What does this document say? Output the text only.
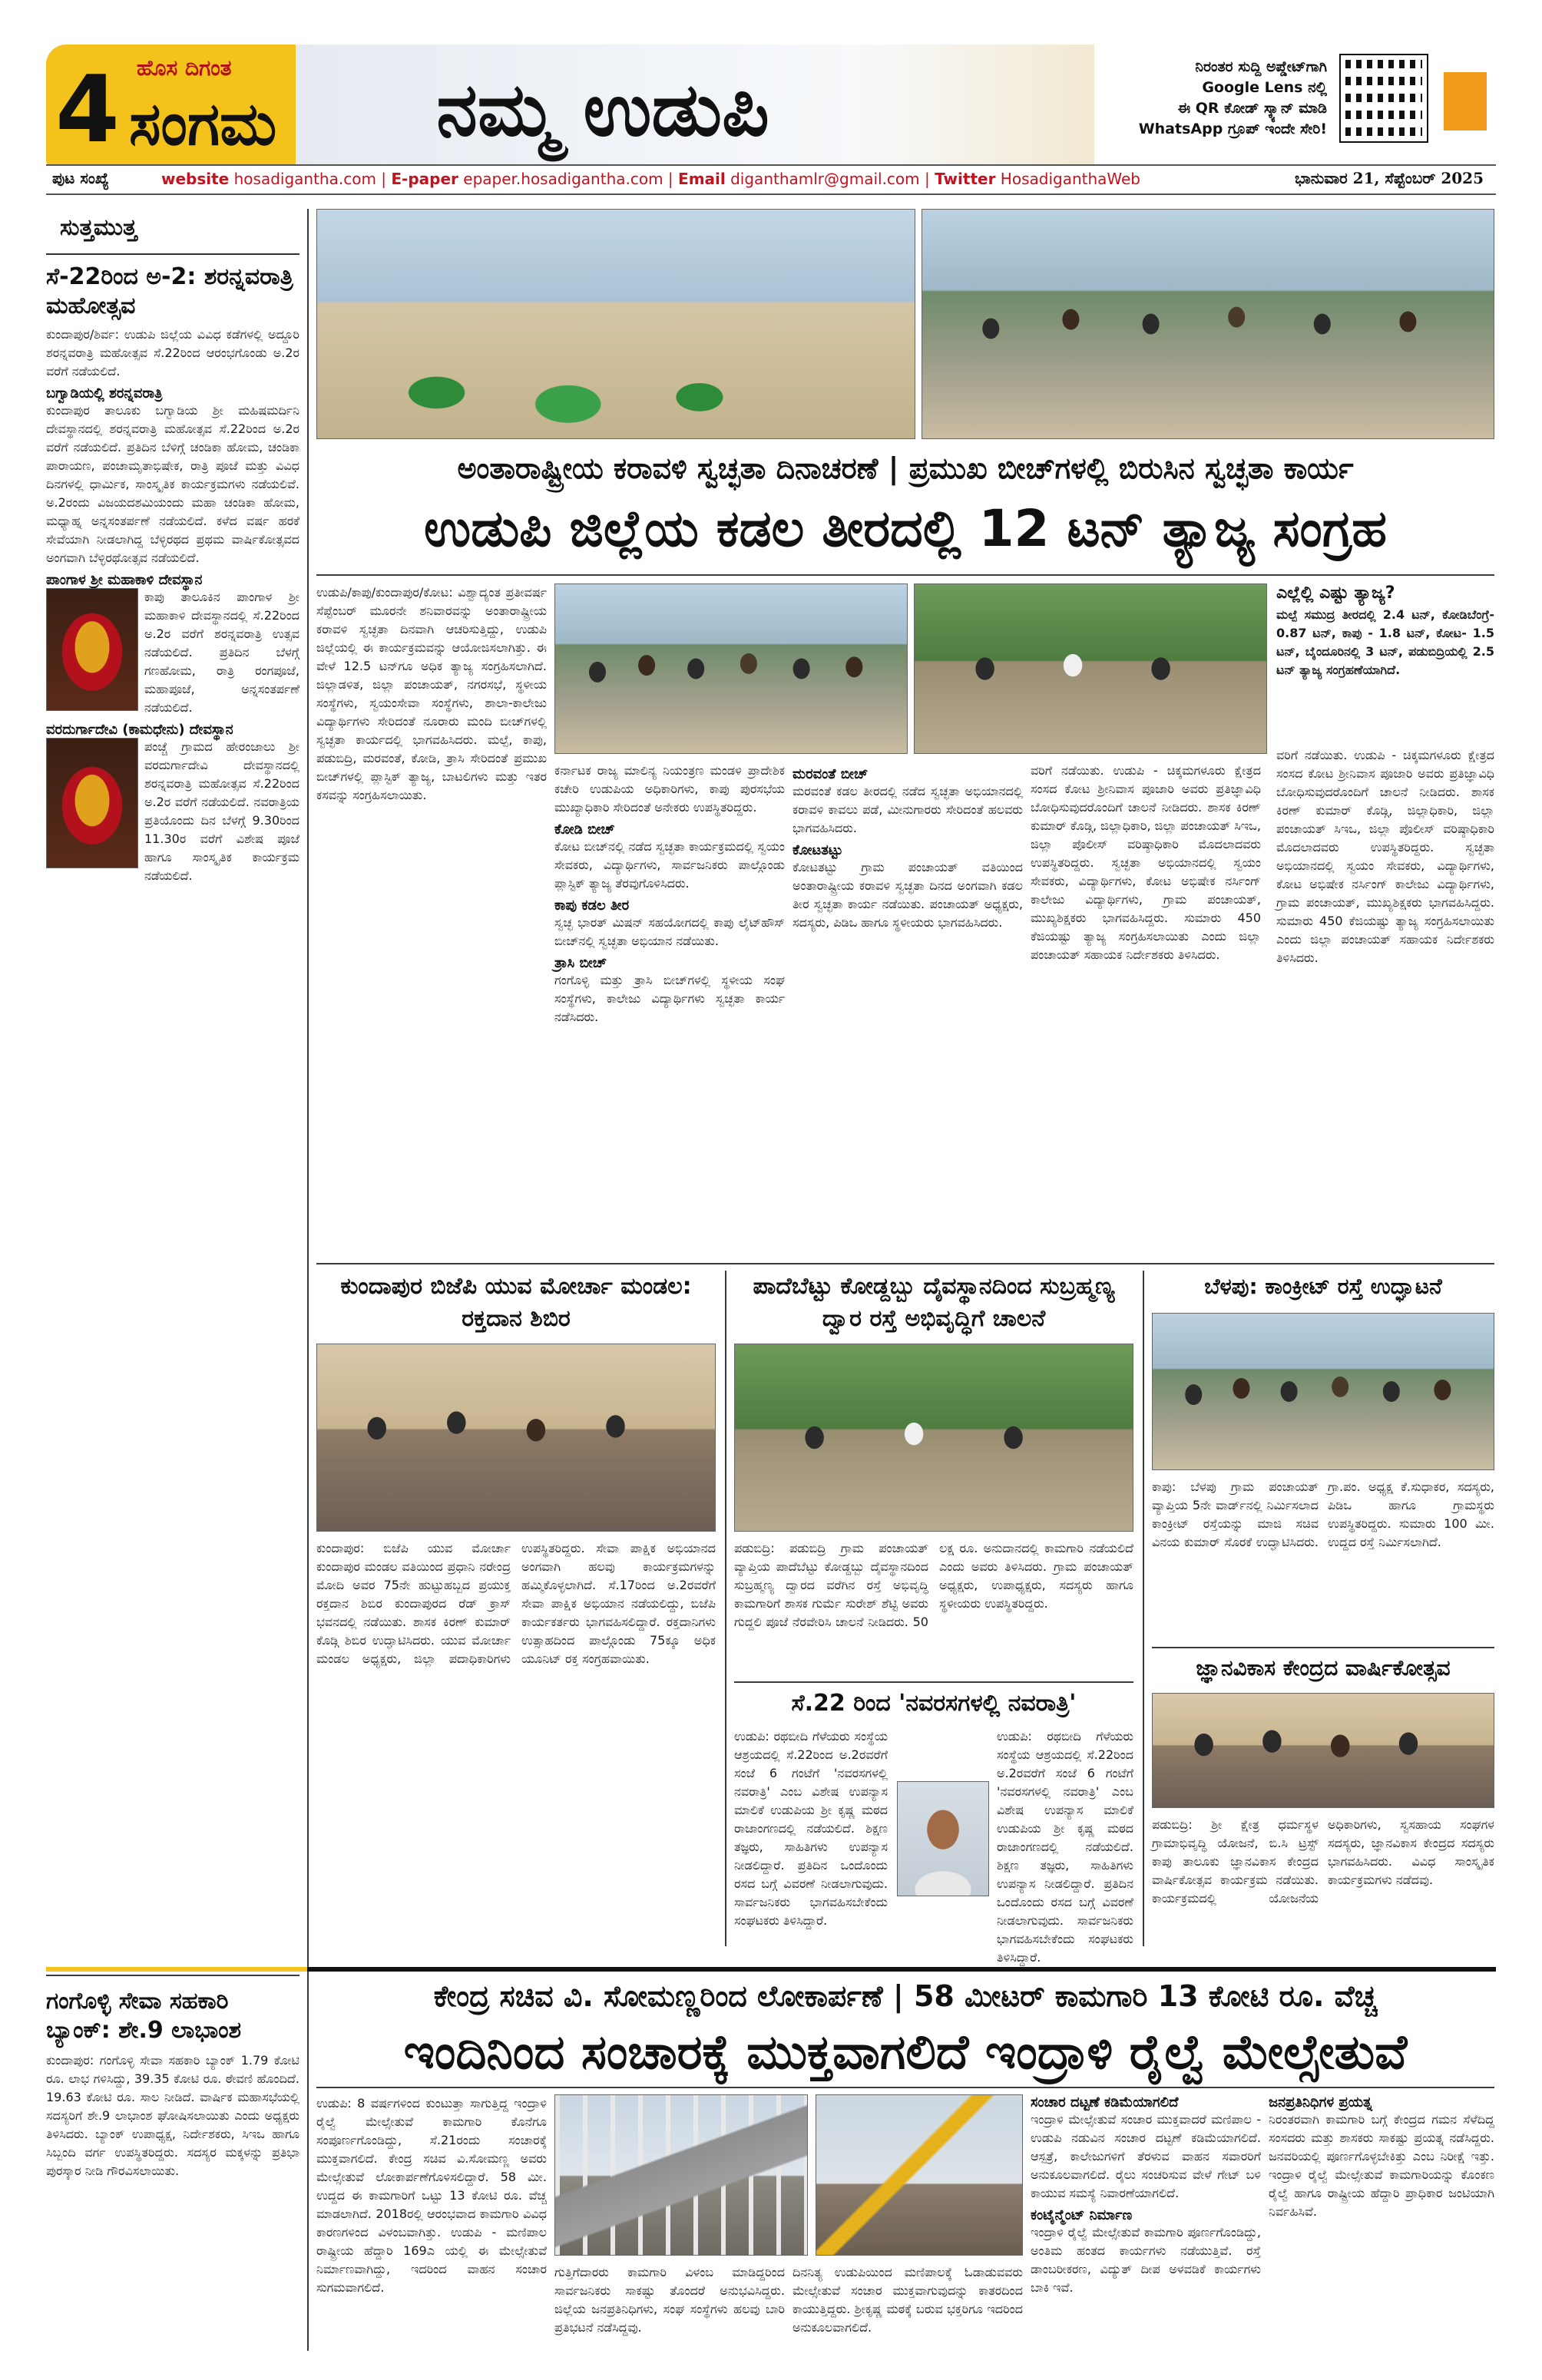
4 ಹೊಸ ದಿಗಂತ
ಸಂಗಮ	ನಮ್ಮ ಉಡುಪಿ	ನಿರಂತರ ಸುದ್ದಿ ಅಪ್ಡೇಟ್‌ಗಾಗಿ
Google Lens ನಲ್ಲಿ
ಈ QR ಕೋಡ್ ಸ್ಕ್ಯಾನ್ ಮಾಡಿ
WhatsApp ಗ್ರೂಪ್ ಇಂದೇ ಸೇರಿ!
ಪುಟ ಸಂಖ್ಯೆ	website hosadigantha.com | E-paper epaper.hosadigantha.com | Email diganthamlr@gmail.com | Twitter HosadiganthaWeb	ಭಾನುವಾರ 21, ಸೆಪ್ಟೆಂಬರ್ 2025
ಸುತ್ತಮುತ್ತ
ಸೆ-22ರಿಂದ ಅ-2: ಶರನ್ನವರಾತ್ರಿ ಮಹೋತ್ಸವ
ಕುಂದಾಪುರ/ಶಿರ್ವ: ಉಡುಪಿ ಜಿಲ್ಲೆಯ ವಿವಿಧ ಕಡೆಗಳಲ್ಲಿ ಅದ್ದೂರಿ ಶರನ್ನವರಾತ್ರಿ ಮಹೋತ್ಸವ ಸೆ.22ರಿಂದ ಆರಂಭಗೊಂಡು ಅ.2ರ ವರೆಗೆ ನಡೆಯಲಿದೆ.
ಬಗ್ವಾಡಿಯಲ್ಲಿ ಶರನ್ನವರಾತ್ರಿ
ಕುಂದಾಪುರ ತಾಲೂಕು ಬಗ್ವಾಡಿಯ ಶ್ರೀ ಮಹಿಷಮರ್ದಿನಿ ದೇವಸ್ಥಾನದಲ್ಲಿ ಶರನ್ನವರಾತ್ರಿ ಮಹೋತ್ಸವ ಸೆ.22ರಿಂದ ಅ.2ರ ವರೆಗೆ ನಡೆಯಲಿದೆ. ಪ್ರತಿದಿನ ಬೆಳಿಗ್ಗೆ ಚಂಡಿಕಾ ಹೋಮ, ಚಂಡಿಕಾ ಪಾರಾಯಣ, ಪಂಚಾಮೃತಾಭಿಷೇಕ, ರಾತ್ರಿ ಪೂಜೆ ಮತ್ತು ವಿವಿಧ ದಿನಗಳಲ್ಲಿ ಧಾರ್ಮಿಕ, ಸಾಂಸ್ಕೃತಿಕ ಕಾರ್ಯಕ್ರಮಗಳು ನಡೆಯಲಿವೆ. ಅ.2ರಂದು ವಿಜಯದಶಮಿಯಂದು ಮಹಾ ಚಂಡಿಕಾ ಹೋಮ, ಮಧ್ಯಾಹ್ನ ಅನ್ನಸಂತರ್ಪಣೆ ನಡೆಯಲಿದೆ. ಕಳೆದ ವರ್ಷ ಹರಕೆ ಸೇವೆಯಾಗಿ ನೀಡಲಾಗಿದ್ದ ಬೆಳ್ಳಿರಥದ ಪ್ರಥಮ ವಾರ್ಷಿಕೋತ್ಸವದ ಅಂಗವಾಗಿ ಬೆಳ್ಳಿರಥೋತ್ಸವ ನಡೆಯಲಿದೆ.
ಪಾಂಗಾಳ ಶ್ರೀ ಮಹಾಕಾಳಿ ದೇವಸ್ಥಾನ
ಕಾಪು ತಾಲೂಕಿನ ಪಾಂಗಾಳ ಶ್ರೀ ಮಹಾಕಾಳಿ ದೇವಸ್ಥಾನದಲ್ಲಿ ಸೆ.22ರಿಂದ ಅ.2ರ ವರೆಗೆ ಶರನ್ನವರಾತ್ರಿ ಉತ್ಸವ ನಡೆಯಲಿದೆ. ಪ್ರತಿದಿನ ಬೆಳಗ್ಗೆ ಗಣಹೋಮ, ರಾತ್ರಿ ರಂಗಪೂಜೆ, ಮಹಾಪೂಜೆ, ಅನ್ನಸಂತರ್ಪಣೆ ನಡೆಯಲಿದೆ.
ವರದುರ್ಗಾದೇವಿ (ಕಾಮಧೇನು) ದೇವಸ್ಥಾನ
ಪಂಚ್ಚೆ ಗ್ರಾಮದ ಹೇರಂಜಾಲು ಶ್ರೀ ವರದುರ್ಗಾದೇವಿ ದೇವಸ್ಥಾನದಲ್ಲಿ ಶರನ್ನವರಾತ್ರಿ ಮಹೋತ್ಸವ ಸೆ.22ರಿಂದ ಅ.2ರ ವರೆಗೆ ನಡೆಯಲಿದೆ. ನವರಾತ್ರಿಯ ಪ್ರತಿಯೊಂದು ದಿನ ಬೆಳಗ್ಗೆ 9.30ರಿಂದ 11.30ರ ವರೆಗೆ ವಿಶೇಷ ಪೂಜೆ ಹಾಗೂ ಸಾಂಸ್ಕೃತಿಕ ಕಾರ್ಯಕ್ರಮ ನಡೆಯಲಿದೆ.
ಗಂಗೊಳ್ಳಿ ಸೇವಾ ಸಹಕಾರಿ ಬ್ಯಾಂಕ್: ಶೇ.9 ಲಾಭಾಂಶ
ಕುಂದಾಪುರ: ಗಂಗೊಳ್ಳಿ ಸೇವಾ ಸಹಕಾರಿ ಬ್ಯಾಂಕ್ 1.79 ಕೋಟಿ ರೂ. ಲಾಭ ಗಳಿಸಿದ್ದು, 39.35 ಕೋಟಿ ರೂ. ಠೇವಣಿ ಹೊಂದಿದೆ. 19.63 ಕೋಟಿ ರೂ. ಸಾಲ ನೀಡಿದೆ. ವಾರ್ಷಿಕ ಮಹಾಸಭೆಯಲ್ಲಿ ಸದಸ್ಯರಿಗೆ ಶೇ.9 ಲಾಭಾಂಶ ಘೋಷಿಸಲಾಯಿತು ಎಂದು ಅಧ್ಯಕ್ಷರು ತಿಳಿಸಿದರು. ಬ್ಯಾಂಕ್ ಉಪಾಧ್ಯಕ್ಷ, ನಿರ್ದೇಶಕರು, ಸಿಇಒ ಹಾಗೂ ಸಿಬ್ಬಂದಿ ವರ್ಗ ಉಪಸ್ಥಿತರಿದ್ದರು. ಸದಸ್ಯರ ಮಕ್ಕಳನ್ನು ಪ್ರತಿಭಾ ಪುರಸ್ಕಾರ ನೀಡಿ ಗೌರವಿಸಲಾಯಿತು.
ಅಂತಾರಾಷ್ಟ್ರೀಯ ಕರಾವಳಿ ಸ್ವಚ್ಛತಾ ದಿನಾಚರಣೆ | ಪ್ರಮುಖ ಬೀಚ್‌ಗಳಲ್ಲಿ ಬಿರುಸಿನ ಸ್ವಚ್ಛತಾ ಕಾರ್ಯ
ಉಡುಪಿ ಜಿಲ್ಲೆಯ ಕಡಲ ತೀರದಲ್ಲಿ 12 ಟನ್ ತ್ಯಾಜ್ಯ ಸಂಗ್ರಹ
ಉಡುಪಿ/ಕಾಪು/ಕುಂದಾಪುರ/ಕೋಟ: ವಿಶ್ವಾದ್ಯಂತ ಪ್ರತೀವರ್ಷ ಸೆಪ್ಟೆಂಬರ್ ಮೂರನೇ ಶನಿವಾರವನ್ನು ಅಂತಾರಾಷ್ಟ್ರೀಯ ಕರಾವಳಿ ಸ್ವಚ್ಛತಾ ದಿನವಾಗಿ ಆಚರಿಸುತ್ತಿದ್ದು, ಉಡುಪಿ ಜಿಲ್ಲೆಯಲ್ಲಿ ಈ ಕಾರ್ಯಕ್ರಮವನ್ನು ಆಯೋಜಿಸಲಾಗಿತ್ತು. ಈ ವೇಳೆ 12.5 ಟನ್‌ಗೂ ಅಧಿಕ ತ್ಯಾಜ್ಯ ಸಂಗ್ರಹಿಸಲಾಗಿದೆ. ಜಿಲ್ಲಾಡಳಿತ, ಜಿಲ್ಲಾ ಪಂಚಾಯತ್, ನಗರಸಭೆ, ಸ್ಥಳೀಯ ಸಂಸ್ಥೆಗಳು, ಸ್ವಯಂಸೇವಾ ಸಂಸ್ಥೆಗಳು, ಶಾಲಾ-ಕಾಲೇಜು ವಿದ್ಯಾರ್ಥಿಗಳು ಸೇರಿದಂತೆ ನೂರಾರು ಮಂದಿ ಬೀಚ್‌ಗಳಲ್ಲಿ ಸ್ವಚ್ಛತಾ ಕಾರ್ಯದಲ್ಲಿ ಭಾಗವಹಿಸಿದರು. ಮಲ್ಪೆ, ಕಾಪು, ಪಡುಬಿದ್ರಿ, ಮರವಂತೆ, ಕೋಡಿ, ತ್ರಾಸಿ ಸೇರಿದಂತೆ ಪ್ರಮುಖ ಬೀಚ್‌ಗಳಲ್ಲಿ ಪ್ಲಾಸ್ಟಿಕ್ ತ್ಯಾಜ್ಯ, ಬಾಟಲಿಗಳು ಮತ್ತು ಇತರ ಕಸವನ್ನು ಸಂಗ್ರಹಿಸಲಾಯಿತು.
ಎಲ್ಲೆಲ್ಲಿ ಎಷ್ಟು ತ್ಯಾಜ್ಯ?
ಮಲ್ಪೆ ಸಮುದ್ರ ತೀರದಲ್ಲಿ 2.4 ಟನ್, ಕೋಡಿಬೆಂಗ್ರೆ- 0.87 ಟನ್, ಕಾಪು - 1.8 ಟನ್, ಕೋಟ- 1.5 ಟನ್, ಬೈಂದೂರಿನಲ್ಲಿ 3 ಟನ್, ಪಡುಬಿದ್ರಿಯಲ್ಲಿ 2.5 ಟನ್ ತ್ಯಾಜ್ಯ ಸಂಗ್ರಹಣೆಯಾಗಿದೆ.
ಕರ್ನಾಟಕ ರಾಜ್ಯ ಮಾಲಿನ್ಯ ನಿಯಂತ್ರಣ ಮಂಡಳಿ ಪ್ರಾದೇಶಿಕ ಕಚೇರಿ ಉಡುಪಿಯ ಅಧಿಕಾರಿಗಳು, ಕಾಪು ಪುರಸಭೆಯ ಮುಖ್ಯಾಧಿಕಾರಿ ಸೇರಿದಂತೆ ಅನೇಕರು ಉಪಸ್ಥಿತರಿದ್ದರು.
ಕೋಡಿ ಬೀಚ್
ಕೋಟ ಬೀಚ್‌ನಲ್ಲಿ ನಡೆದ ಸ್ವಚ್ಛತಾ ಕಾರ್ಯಕ್ರಮದಲ್ಲಿ ಸ್ವಯಂ ಸೇವಕರು, ವಿದ್ಯಾರ್ಥಿಗಳು, ಸಾರ್ವಜನಿಕರು ಪಾಲ್ಗೊಂಡು ಪ್ಲಾಸ್ಟಿಕ್ ತ್ಯಾಜ್ಯ ತೆರವುಗೊಳಿಸಿದರು.
ಕಾಪು ಕಡಲ ತೀರ
ಸ್ವಚ್ಛ ಭಾರತ್ ಮಿಷನ್ ಸಹಯೋಗದಲ್ಲಿ ಕಾಪು ಲೈಟ್‌ಹೌಸ್ ಬೀಚ್‌ನಲ್ಲಿ ಸ್ವಚ್ಛತಾ ಅಭಿಯಾನ ನಡೆಯಿತು.
ತ್ರಾಸಿ ಬೀಚ್
ಗಂಗೊಳ್ಳಿ ಮತ್ತು ತ್ರಾಸಿ ಬೀಚ್‌ಗಳಲ್ಲಿ ಸ್ಥಳೀಯ ಸಂಘ ಸಂಸ್ಥೆಗಳು, ಕಾಲೇಜು ವಿದ್ಯಾರ್ಥಿಗಳು ಸ್ವಚ್ಛತಾ ಕಾರ್ಯ ನಡೆಸಿದರು.
ಮರವಂತೆ ಬೀಚ್
ಮರವಂತೆ ಕಡಲ ತೀರದಲ್ಲಿ ನಡೆದ ಸ್ವಚ್ಛತಾ ಅಭಿಯಾನದಲ್ಲಿ ಕರಾವಳಿ ಕಾವಲು ಪಡೆ, ಮೀನುಗಾರರು ಸೇರಿದಂತೆ ಹಲವರು ಭಾಗವಹಿಸಿದರು.
ಕೋಟತಟ್ಟು
ಕೋಟತಟ್ಟು ಗ್ರಾಮ ಪಂಚಾಯತ್ ವತಿಯಿಂದ ಅಂತಾರಾಷ್ಟ್ರೀಯ ಕರಾವಳಿ ಸ್ವಚ್ಛತಾ ದಿನದ ಅಂಗವಾಗಿ ಕಡಲ ತೀರ ಸ್ವಚ್ಛತಾ ಕಾರ್ಯ ನಡೆಯಿತು. ಪಂಚಾಯತ್ ಅಧ್ಯಕ್ಷರು, ಸದಸ್ಯರು, ಪಿಡಿಒ ಹಾಗೂ ಸ್ಥಳೀಯರು ಭಾಗವಹಿಸಿದರು.
ವರಿಗೆ ನಡೆಯಿತು. ಉಡುಪಿ - ಚಿಕ್ಕಮಗಳೂರು ಕ್ಷೇತ್ರದ ಸಂಸದ ಕೋಟ ಶ್ರೀನಿವಾಸ ಪೂಜಾರಿ ಅವರು ಪ್ರತಿಜ್ಞಾವಿಧಿ ಬೋಧಿಸುವುದರೊಂದಿಗೆ ಚಾಲನೆ ನೀಡಿದರು. ಶಾಸಕ ಕಿರಣ್ ಕುಮಾರ್ ಕೊಡ್ಗಿ, ಜಿಲ್ಲಾಧಿಕಾರಿ, ಜಿಲ್ಲಾ ಪಂಚಾಯತ್ ಸಿಇಒ, ಜಿಲ್ಲಾ ಪೊಲೀಸ್ ವರಿಷ್ಠಾಧಿಕಾರಿ ಮೊದಲಾದವರು ಉಪಸ್ಥಿತರಿದ್ದರು. ಸ್ವಚ್ಛತಾ ಅಭಿಯಾನದಲ್ಲಿ ಸ್ವಯಂ ಸೇವಕರು, ವಿದ್ಯಾರ್ಥಿಗಳು, ಕೋಟ ಅಭಿಷೇಕ ನರ್ಸಿಂಗ್ ಕಾಲೇಜು ವಿದ್ಯಾರ್ಥಿಗಳು, ಗ್ರಾಮ ಪಂಚಾಯತ್, ಮುಖ್ಯಶಿಕ್ಷಕರು ಭಾಗವಹಿಸಿದ್ದರು. ಸುಮಾರು 450 ಕೆಜಿಯಷ್ಟು ತ್ಯಾಜ್ಯ ಸಂಗ್ರಹಿಸಲಾಯಿತು ಎಂದು ಜಿಲ್ಲಾ ಪಂಚಾಯತ್ ಸಹಾಯಕ ನಿರ್ದೇಶಕರು ತಿಳಿಸಿದರು.
ವರಿಗೆ ನಡೆಯಿತು. ಉಡುಪಿ - ಚಿಕ್ಕಮಗಳೂರು ಕ್ಷೇತ್ರದ ಸಂಸದ ಕೋಟ ಶ್ರೀನಿವಾಸ ಪೂಜಾರಿ ಅವರು ಪ್ರತಿಜ್ಞಾವಿಧಿ ಬೋಧಿಸುವುದರೊಂದಿಗೆ ಚಾಲನೆ ನೀಡಿದರು. ಶಾಸಕ ಕಿರಣ್ ಕುಮಾರ್ ಕೊಡ್ಗಿ, ಜಿಲ್ಲಾಧಿಕಾರಿ, ಜಿಲ್ಲಾ ಪಂಚಾಯತ್ ಸಿಇಒ, ಜಿಲ್ಲಾ ಪೊಲೀಸ್ ವರಿಷ್ಠಾಧಿಕಾರಿ ಮೊದಲಾದವರು ಉಪಸ್ಥಿತರಿದ್ದರು. ಸ್ವಚ್ಛತಾ ಅಭಿಯಾನದಲ್ಲಿ ಸ್ವಯಂ ಸೇವಕರು, ವಿದ್ಯಾರ್ಥಿಗಳು, ಕೋಟ ಅಭಿಷೇಕ ನರ್ಸಿಂಗ್ ಕಾಲೇಜು ವಿದ್ಯಾರ್ಥಿಗಳು, ಗ್ರಾಮ ಪಂಚಾಯತ್, ಮುಖ್ಯಶಿಕ್ಷಕರು ಭಾಗವಹಿಸಿದ್ದರು. ಸುಮಾರು 450 ಕೆಜಿಯಷ್ಟು ತ್ಯಾಜ್ಯ ಸಂಗ್ರಹಿಸಲಾಯಿತು ಎಂದು ಜಿಲ್ಲಾ ಪಂಚಾಯತ್ ಸಹಾಯಕ ನಿರ್ದೇಶಕರು ತಿಳಿಸಿದರು.
ಕುಂದಾಪುರ ಬಿಜೆಪಿ ಯುವ ಮೋರ್ಚಾ ಮಂಡಲ: ರಕ್ತದಾನ ಶಿಬಿರ
ಕುಂದಾಪುರ: ಬಿಜೆಪಿ ಯುವ ಮೋರ್ಚಾ ಕುಂದಾಪುರ ಮಂಡಲ ವತಿಯಿಂದ ಪ್ರಧಾನಿ ನರೇಂದ್ರ ಮೋದಿ ಅವರ 75ನೇ ಹುಟ್ಟುಹಬ್ಬದ ಪ್ರಯುಕ್ತ ರಕ್ತದಾನ ಶಿಬಿರ ಕುಂದಾಪುರದ ರೆಡ್ ಕ್ರಾಸ್ ಭವನದಲ್ಲಿ ನಡೆಯಿತು. ಶಾಸಕ ಕಿರಣ್ ಕುಮಾರ್ ಕೊಡ್ಗಿ ಶಿಬಿರ ಉದ್ಘಾಟಿಸಿದರು. ಯುವ ಮೋರ್ಚಾ ಮಂಡಲ ಅಧ್ಯಕ್ಷರು, ಜಿಲ್ಲಾ ಪದಾಧಿಕಾರಿಗಳು ಉಪಸ್ಥಿತರಿದ್ದರು. ಸೇವಾ ಪಾಕ್ಷಿಕ ಅಭಿಯಾನದ ಅಂಗವಾಗಿ ಹಲವು ಕಾರ್ಯಕ್ರಮಗಳನ್ನು ಹಮ್ಮಿಕೊಳ್ಳಲಾಗಿದೆ. ಸೆ.17ರಿಂದ ಅ.2ರವರೆಗೆ ಸೇವಾ ಪಾಕ್ಷಿಕ ಅಭಿಯಾನ ನಡೆಯಲಿದ್ದು, ಬಿಜೆಪಿ ಕಾರ್ಯಕರ್ತರು ಭಾಗವಹಿಸಲಿದ್ದಾರೆ. ರಕ್ತದಾನಿಗಳು ಉತ್ಸಾಹದಿಂದ ಪಾಲ್ಗೊಂಡು 75ಕ್ಕೂ ಅಧಿಕ ಯೂನಿಟ್ ರಕ್ತ ಸಂಗ್ರಹವಾಯಿತು.
ಪಾದೆಬೆಟ್ಟು ಕೋಡ್ದಬ್ಬು ದೈವಸ್ಥಾನದಿಂದ ಸುಬ್ರಹ್ಮಣ್ಯ ದ್ವಾರ ರಸ್ತೆ ಅಭಿವೃದ್ಧಿಗೆ ಚಾಲನೆ
ಪಡುಬಿದ್ರಿ: ಪಡುಬಿದ್ರಿ ಗ್ರಾಮ ಪಂಚಾಯತ್ ವ್ಯಾಪ್ತಿಯ ಪಾದೆಬೆಟ್ಟು ಕೋಡ್ದಬ್ಬು ದೈವಸ್ಥಾನದಿಂದ ಸುಬ್ರಹ್ಮಣ್ಯ ದ್ವಾರದ ವರೆಗಿನ ರಸ್ತೆ ಅಭಿವೃದ್ಧಿ ಕಾಮಗಾರಿಗೆ ಶಾಸಕ ಗುರ್ಮೆ ಸುರೇಶ್ ಶೆಟ್ಟಿ ಅವರು ಗುದ್ದಲಿ ಪೂಜೆ ನೆರವೇರಿಸಿ ಚಾಲನೆ ನೀಡಿದರು. 50 ಲಕ್ಷ ರೂ. ಅನುದಾನದಲ್ಲಿ ಕಾಮಗಾರಿ ನಡೆಯಲಿದೆ ಎಂದು ಅವರು ತಿಳಿಸಿದರು. ಗ್ರಾಮ ಪಂಚಾಯತ್ ಅಧ್ಯಕ್ಷರು, ಉಪಾಧ್ಯಕ್ಷರು, ಸದಸ್ಯರು ಹಾಗೂ ಸ್ಥಳೀಯರು ಉಪಸ್ಥಿತರಿದ್ದರು.
ಸೆ.22 ರಿಂದ 'ನವರಸಗಳಲ್ಲಿ ನವರಾತ್ರಿ'
ಉಡುಪಿ: ರಥಬೀದಿ ಗೆಳೆಯರು ಸಂಸ್ಥೆಯ ಆಶ್ರಯದಲ್ಲಿ ಸೆ.22ರಿಂದ ಅ.2ರವರೆಗೆ ಸಂಜೆ 6 ಗಂಟೆಗೆ 'ನವರಸಗಳಲ್ಲಿ ನವರಾತ್ರಿ' ಎಂಬ ವಿಶೇಷ ಉಪನ್ಯಾಸ ಮಾಲಿಕೆ ಉಡುಪಿಯ ಶ್ರೀ ಕೃಷ್ಣ ಮಠದ ರಾಜಾಂಗಣದಲ್ಲಿ ನಡೆಯಲಿದೆ. ಶಿಕ್ಷಣ ತಜ್ಞರು, ಸಾಹಿತಿಗಳು ಉಪನ್ಯಾಸ ನೀಡಲಿದ್ದಾರೆ. ಪ್ರತಿದಿನ ಒಂದೊಂದು ರಸದ ಬಗ್ಗೆ ವಿವರಣೆ ನೀಡಲಾಗುವುದು. ಸಾರ್ವಜನಿಕರು ಭಾಗವಹಿಸಬೇಕೆಂದು ಸಂಘಟಕರು ತಿಳಿಸಿದ್ದಾರೆ.
ಉಡುಪಿ: ರಥಬೀದಿ ಗೆಳೆಯರು ಸಂಸ್ಥೆಯ ಆಶ್ರಯದಲ್ಲಿ ಸೆ.22ರಿಂದ ಅ.2ರವರೆಗೆ ಸಂಜೆ 6 ಗಂಟೆಗೆ 'ನವರಸಗಳಲ್ಲಿ ನವರಾತ್ರಿ' ಎಂಬ ವಿಶೇಷ ಉಪನ್ಯಾಸ ಮಾಲಿಕೆ ಉಡುಪಿಯ ಶ್ರೀ ಕೃಷ್ಣ ಮಠದ ರಾಜಾಂಗಣದಲ್ಲಿ ನಡೆಯಲಿದೆ. ಶಿಕ್ಷಣ ತಜ್ಞರು, ಸಾಹಿತಿಗಳು ಉಪನ್ಯಾಸ ನೀಡಲಿದ್ದಾರೆ. ಪ್ರತಿದಿನ ಒಂದೊಂದು ರಸದ ಬಗ್ಗೆ ವಿವರಣೆ ನೀಡಲಾಗುವುದು. ಸಾರ್ವಜನಿಕರು ಭಾಗವಹಿಸಬೇಕೆಂದು ಸಂಘಟಕರು ತಿಳಿಸಿದ್ದಾರೆ.
ಬೆಳಪು: ಕಾಂಕ್ರೀಟ್ ರಸ್ತೆ ಉದ್ಘಾಟನೆ
ಕಾಪು: ಬೆಳಪು ಗ್ರಾಮ ಪಂಚಾಯತ್ ವ್ಯಾಪ್ತಿಯ 5ನೇ ವಾರ್ಡ್‌ನಲ್ಲಿ ನಿರ್ಮಿಸಲಾದ ಕಾಂಕ್ರೀಟ್ ರಸ್ತೆಯನ್ನು ಮಾಜಿ ಸಚಿವ ವಿನಯ ಕುಮಾರ್ ಸೊರಕೆ ಉದ್ಘಾಟಿಸಿದರು. ಗ್ರಾ.ಪಂ. ಅಧ್ಯಕ್ಷ ಕೆ.ಸುಧಾಕರ, ಸದಸ್ಯರು, ಪಿಡಿಒ ಹಾಗೂ ಗ್ರಾಮಸ್ಥರು ಉಪಸ್ಥಿತರಿದ್ದರು. ಸುಮಾರು 100 ಮೀ. ಉದ್ದದ ರಸ್ತೆ ನಿರ್ಮಿಸಲಾಗಿದೆ.
ಜ್ಞಾನವಿಕಾಸ ಕೇಂದ್ರದ ವಾರ್ಷಿಕೋತ್ಸವ
ಪಡುಬಿದ್ರಿ: ಶ್ರೀ ಕ್ಷೇತ್ರ ಧರ್ಮಸ್ಥಳ ಗ್ರಾಮಾಭಿವೃದ್ಧಿ ಯೋಜನೆ, ಬಿ.ಸಿ ಟ್ರಸ್ಟ್ ಕಾಪು ತಾಲೂಕು ಜ್ಞಾನವಿಕಾಸ ಕೇಂದ್ರದ ವಾರ್ಷಿಕೋತ್ಸವ ಕಾರ್ಯಕ್ರಮ ನಡೆಯಿತು. ಕಾರ್ಯಕ್ರಮದಲ್ಲಿ ಯೋಜನೆಯ ಅಧಿಕಾರಿಗಳು, ಸ್ವಸಹಾಯ ಸಂಘಗಳ ಸದಸ್ಯರು, ಜ್ಞಾನವಿಕಾಸ ಕೇಂದ್ರದ ಸದಸ್ಯರು ಭಾಗವಹಿಸಿದರು. ವಿವಿಧ ಸಾಂಸ್ಕೃತಿಕ ಕಾರ್ಯಕ್ರಮಗಳು ನಡೆದವು.
ಕೇಂದ್ರ ಸಚಿವ ವಿ. ಸೋಮಣ್ಣರಿಂದ ಲೋಕಾರ್ಪಣೆ | 58 ಮೀಟರ್ ಕಾಮಗಾರಿ 13 ಕೋಟಿ ರೂ. ವೆಚ್ಚ
ಇಂದಿನಿಂದ ಸಂಚಾರಕ್ಕೆ ಮುಕ್ತವಾಗಲಿದೆ ಇಂದ್ರಾಳಿ ರೈಲ್ವೆ ಮೇಲ್ಸೇತುವೆ
ಉಡುಪಿ: 8 ವರ್ಷಗಳಿಂದ ಕುಂಟುತ್ತಾ ಸಾಗುತ್ತಿದ್ದ ಇಂದ್ರಾಳಿ ರೈಲ್ವೆ ಮೇಲ್ಸೇತುವೆ ಕಾಮಗಾರಿ ಕೊನೆಗೂ ಸಂಪೂರ್ಣಗೊಂಡಿದ್ದು, ಸೆ.21ರಂದು ಸಂಚಾರಕ್ಕೆ ಮುಕ್ತವಾಗಲಿದೆ. ಕೇಂದ್ರ ಸಚಿವ ವಿ.ಸೋಮಣ್ಣ ಅವರು ಮೇಲ್ಸೇತುವೆ ಲೋಕಾರ್ಪಣೆಗೊಳಿಸಲಿದ್ದಾರೆ. 58 ಮೀ. ಉದ್ದದ ಈ ಕಾಮಗಾರಿಗೆ ಒಟ್ಟು 13 ಕೋಟಿ ರೂ. ವೆಚ್ಚ ಮಾಡಲಾಗಿದೆ. 2018ರಲ್ಲಿ ಆರಂಭವಾದ ಕಾಮಗಾರಿ ವಿವಿಧ ಕಾರಣಗಳಿಂದ ವಿಳಂಬವಾಗಿತ್ತು. ಉಡುಪಿ - ಮಣಿಪಾಲ ರಾಷ್ಟ್ರೀಯ ಹೆದ್ದಾರಿ 169ಎ ಯಲ್ಲಿ ಈ ಮೇಲ್ಸೇತುವೆ ನಿರ್ಮಾಣವಾಗಿದ್ದು, ಇದರಿಂದ ವಾಹನ ಸಂಚಾರ ಸುಗಮವಾಗಲಿದೆ.
ಗುತ್ತಿಗೆದಾರರು ಕಾಮಗಾರಿ ವಿಳಂಬ ಮಾಡಿದ್ದರಿಂದ ಸಾರ್ವಜನಿಕರು ಸಾಕಷ್ಟು ತೊಂದರೆ ಅನುಭವಿಸಿದ್ದರು. ಜಿಲ್ಲೆಯ ಜನಪ್ರತಿನಿಧಿಗಳು, ಸಂಘ ಸಂಸ್ಥೆಗಳು ಹಲವು ಬಾರಿ ಪ್ರತಿಭಟನೆ ನಡೆಸಿದ್ದವು.
ದಿನನಿತ್ಯ ಉಡುಪಿಯಿಂದ ಮಣಿಪಾಲಕ್ಕೆ ಓಡಾಡುವವರು ಮೇಲ್ಸೇತುವೆ ಸಂಚಾರ ಮುಕ್ತವಾಗುವುದನ್ನು ಕಾತರದಿಂದ ಕಾಯುತ್ತಿದ್ದರು. ಶ್ರೀಕೃಷ್ಣ ಮಠಕ್ಕೆ ಬರುವ ಭಕ್ತರಿಗೂ ಇದರಿಂದ ಅನುಕೂಲವಾಗಲಿದೆ.
ಸಂಚಾರ ದಟ್ಟಣೆ ಕಡಿಮೆಯಾಗಲಿದೆ
ಇಂದ್ರಾಳಿ ಮೇಲ್ಸೇತುವೆ ಸಂಚಾರ ಮುಕ್ತವಾದರೆ ಮಣಿಪಾಲ - ಉಡುಪಿ ನಡುವಿನ ಸಂಚಾರ ದಟ್ಟಣೆ ಕಡಿಮೆಯಾಗಲಿದೆ. ಆಸ್ಪತ್ರೆ, ಕಾಲೇಜುಗಳಿಗೆ ತೆರಳುವ ವಾಹನ ಸವಾರರಿಗೆ ಅನುಕೂಲವಾಗಲಿದೆ. ರೈಲು ಸಂಚರಿಸುವ ವೇಳೆ ಗೇಟ್ ಬಳಿ ಕಾಯುವ ಸಮಸ್ಯೆ ನಿವಾರಣೆಯಾಗಲಿದೆ.
ಕಂಟೈನ್ಮೆಂಟ್ ನಿರ್ಮಾಣ
ಇಂದ್ರಾಳಿ ರೈಲ್ವೆ ಮೇಲ್ಸೇತುವೆ ಕಾಮಗಾರಿ ಪೂರ್ಣಗೊಂಡಿದ್ದು, ಅಂತಿಮ ಹಂತದ ಕಾರ್ಯಗಳು ನಡೆಯುತ್ತಿವೆ. ರಸ್ತೆ ಡಾಂಬರೀಕರಣ, ವಿದ್ಯುತ್ ದೀಪ ಅಳವಡಿಕೆ ಕಾರ್ಯಗಳು ಬಾಕಿ ಇವೆ.
ಜನಪ್ರತಿನಿಧಿಗಳ ಪ್ರಯತ್ನ
ನಿರಂತರವಾಗಿ ಕಾಮಗಾರಿ ಬಗ್ಗೆ ಕೇಂದ್ರದ ಗಮನ ಸೆಳೆದಿದ್ದ ಸಂಸದರು ಮತ್ತು ಶಾಸಕರು ಸಾಕಷ್ಟು ಪ್ರಯತ್ನ ನಡೆಸಿದ್ದರು. ಜನವರಿಯಲ್ಲಿ ಪೂರ್ಣಗೊಳ್ಳಬೇಕಿತ್ತು ಎಂಬ ನಿರೀಕ್ಷೆ ಇತ್ತು. ಇಂದ್ರಾಳಿ ರೈಲ್ವೆ ಮೇಲ್ಸೇತುವೆ ಕಾಮಗಾರಿಯನ್ನು ಕೊಂಕಣ ರೈಲ್ವೆ ಹಾಗೂ ರಾಷ್ಟ್ರೀಯ ಹೆದ್ದಾರಿ ಪ್ರಾಧಿಕಾರ ಜಂಟಿಯಾಗಿ ನಿರ್ವಹಿಸಿವೆ.
